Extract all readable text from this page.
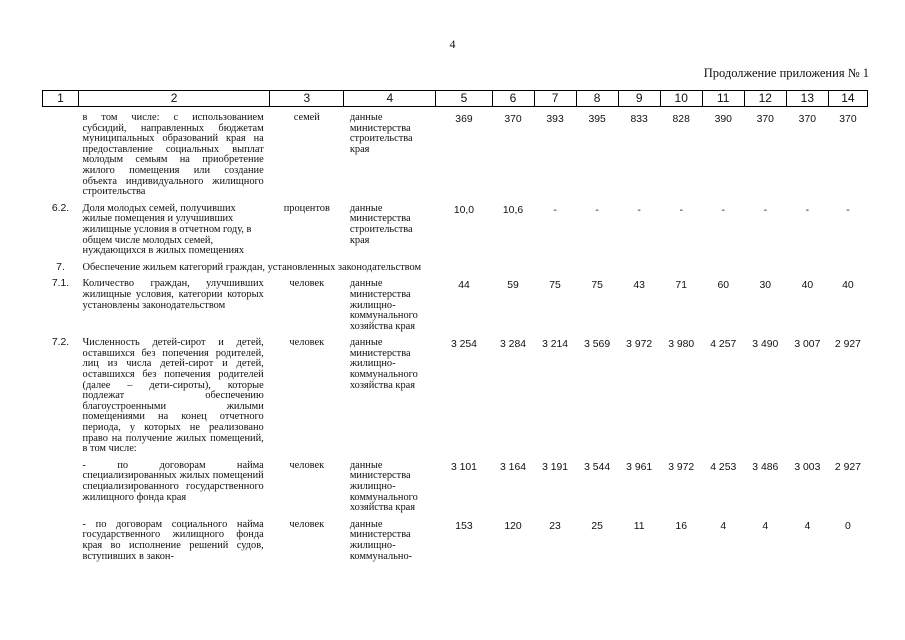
4
Продолжение приложения № 1
1	2	3	4	5	6	7	8	9	10	11	12	13	14

	в том числе: с использованием субсидий, направленных бюджетам муниципальных образований края на предоставление социальных выплат молодым семьям на приобретение жилого помещения или создание объекта индивидуального жилищного строительства	семей	данные министерства строительства края	369	370	393	395	833	828	390	370	370	370

6.2.	Доля молодых семей, получивших жилые помещения и улучшивших жилищные условия в отчетном году, в общем числе молодых семей, нуждающихся в жилых помещениях	процентов	данные министерства строительства края	10,0	10,6	-	-	-	-	-	-	-	-

7.	Обеспечение жильем категорий граждан, установленных законодательством												

7.1.	Количество граждан, улучшивших жилищные условия, категории которых установлены законодательством	человек	данные министерства жилищно-коммунального хозяйства края	44	59	75	75	43	71	60	30	40	40

7.2.	Численность детей-сирот и детей, оставшихся без попечения родителей, лиц из числа детей-сирот и детей, оставшихся без попечения родителей (далее – дети-сироты), которые подлежат обеспечению благоустроенными жилыми помещениями на конец отчетного периода, у которых не реализовано право на получение жилых помещений, в том числе:	человек	данные министерства жилищно-коммунального хозяйства края	3 254	3 284	3 214	3 569	3 972	3 980	4 257	3 490	3 007	2 927

	- по договорам найма специализированных жилых помещений специализированного государственного жилищного фонда края	человек	данные министерства жилищно-коммунального хозяйства края	3 101	3 164	3 191	3 544	3 961	3 972	4 253	3 486	3 003	2 927

	- по договорам социального найма государственного жилищного фонда края во исполнение решений судов, вступивших в закон-	человек	данные министерства жилищно-коммунально-	153	120	23	25	11	16	4	4	4	0
